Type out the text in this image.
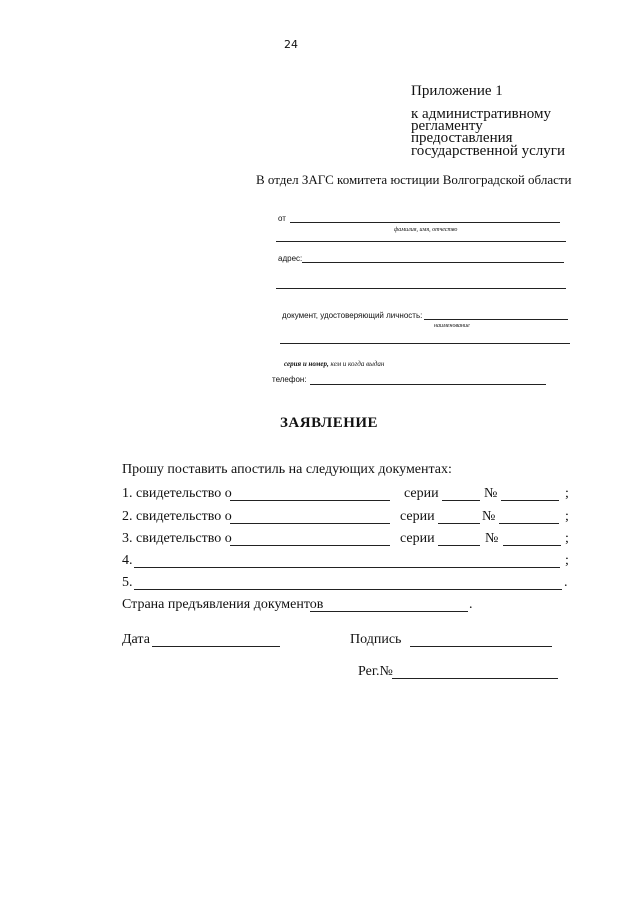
24
Приложение 1
к административному
регламенту
предоставления
государственной услуги
В отдел ЗАГС комитета юстиции Волгоградской области
от
фамилия, имя, отчество
адрес:
документ, удостоверяющий личность:
наименование
серия и номер, кем и когда выдан
телефон:
ЗАЯВЛЕНИЕ
Прошу поставить апостиль на следующих документах:
1. свидетельство о	серии	№	;
2. свидетельство о	серии	№	;
3. свидетельство о	серии	№	;
4.	;
5.	.
Страна предъявления документов	.
Дата	Подпись
Рег.№
